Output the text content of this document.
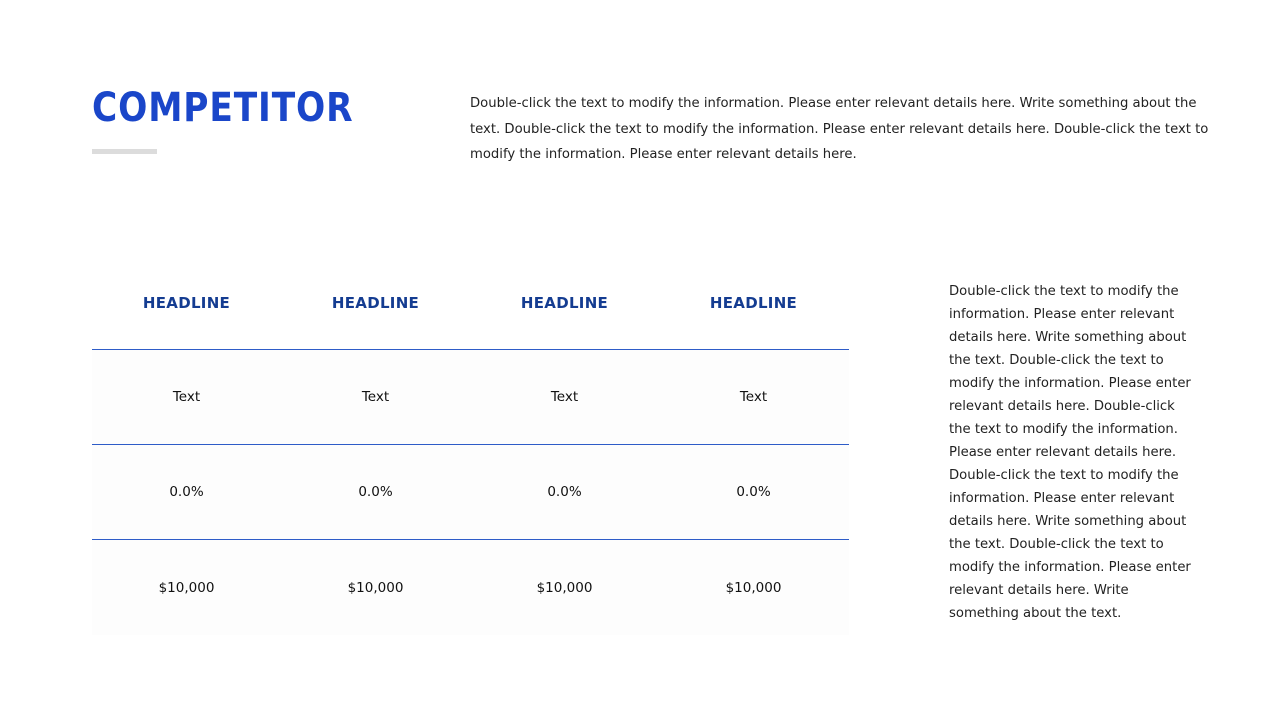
COMPETITOR	Double-click the text to modify the information. Please enter relevant details here. Write something about the text. Double-click the text to modify the information. Please enter relevant details here. Double-click the text to modify the information. Please enter relevant details here.

HEADLINE	HEADLINE	HEADLINE	HEADLINE
Text	Text	Text	Text
0.0%	0.0%	0.0%	0.0%
$10,000	$10,000	$10,000	$10,000

Double-click the text to modify the information. Please enter relevant details here. Write something about the text. Double-click the text to modify the information. Please enter relevant details here. Double-click the text to modify the information. Please enter relevant details here. Double-click the text to modify the information. Please enter relevant details here. Write something about the text. Double-click the text to modify the information. Please enter relevant details here. Write something about the text.
